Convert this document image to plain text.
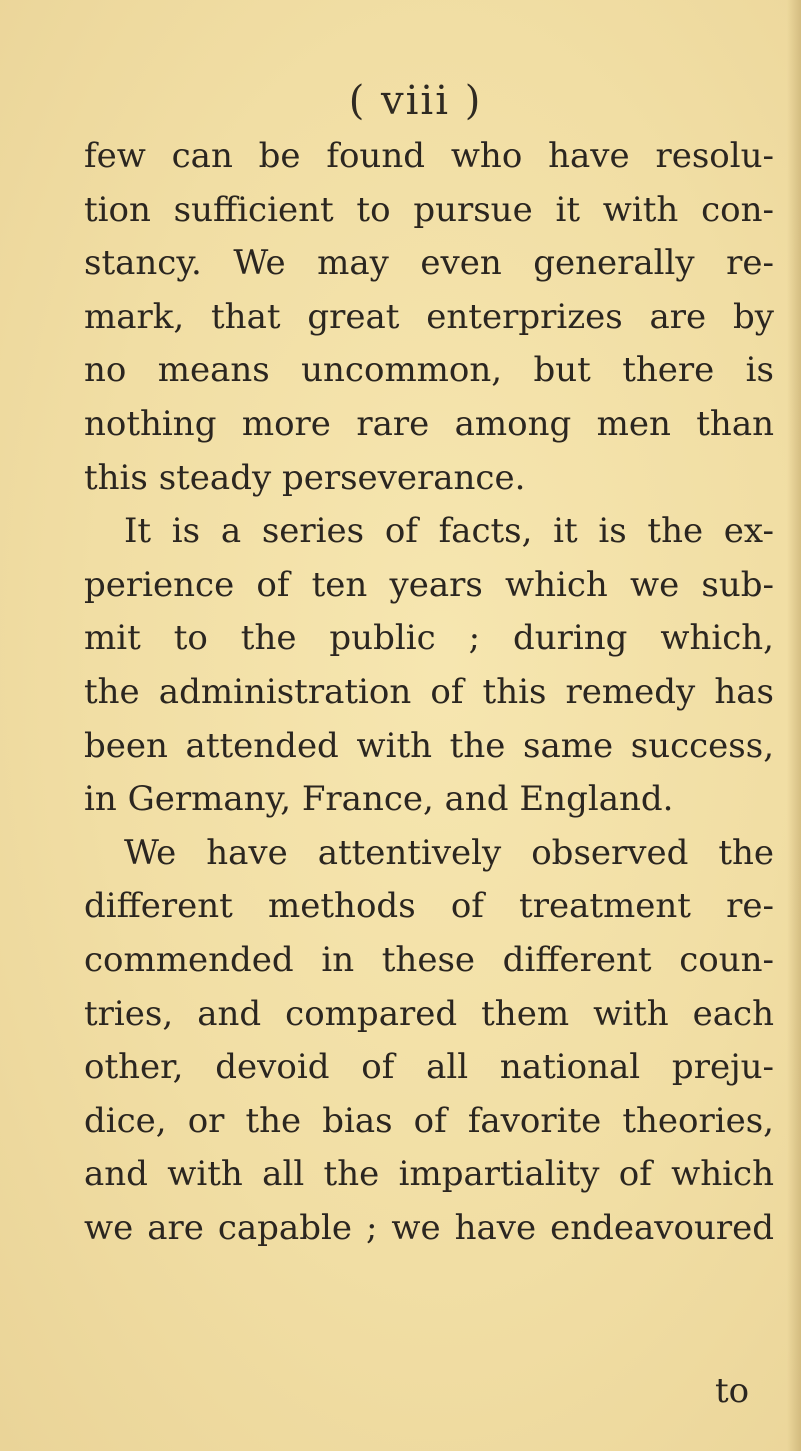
( viii )
few can be found who have resolu-
tion sufficient to pursue it with con-
stancy. We may even generally re-
mark, that great enterprizes are by
no means uncommon, but there is
nothing more rare among men than
this steady perseverance.
It is a series of facts, it is the ex-
perience of ten years which we sub-
mit to the public ; during which,
the administration of this remedy has
been attended with the same success,
in Germany, France, and England.
We have attentively observed the
different methods of treatment re-
commended in these different coun-
tries, and compared them with each
other, devoid of all national preju-
dice, or the bias of favorite theories,
and with all the impartiality of which
we are capable ; we have endeavoured
to
